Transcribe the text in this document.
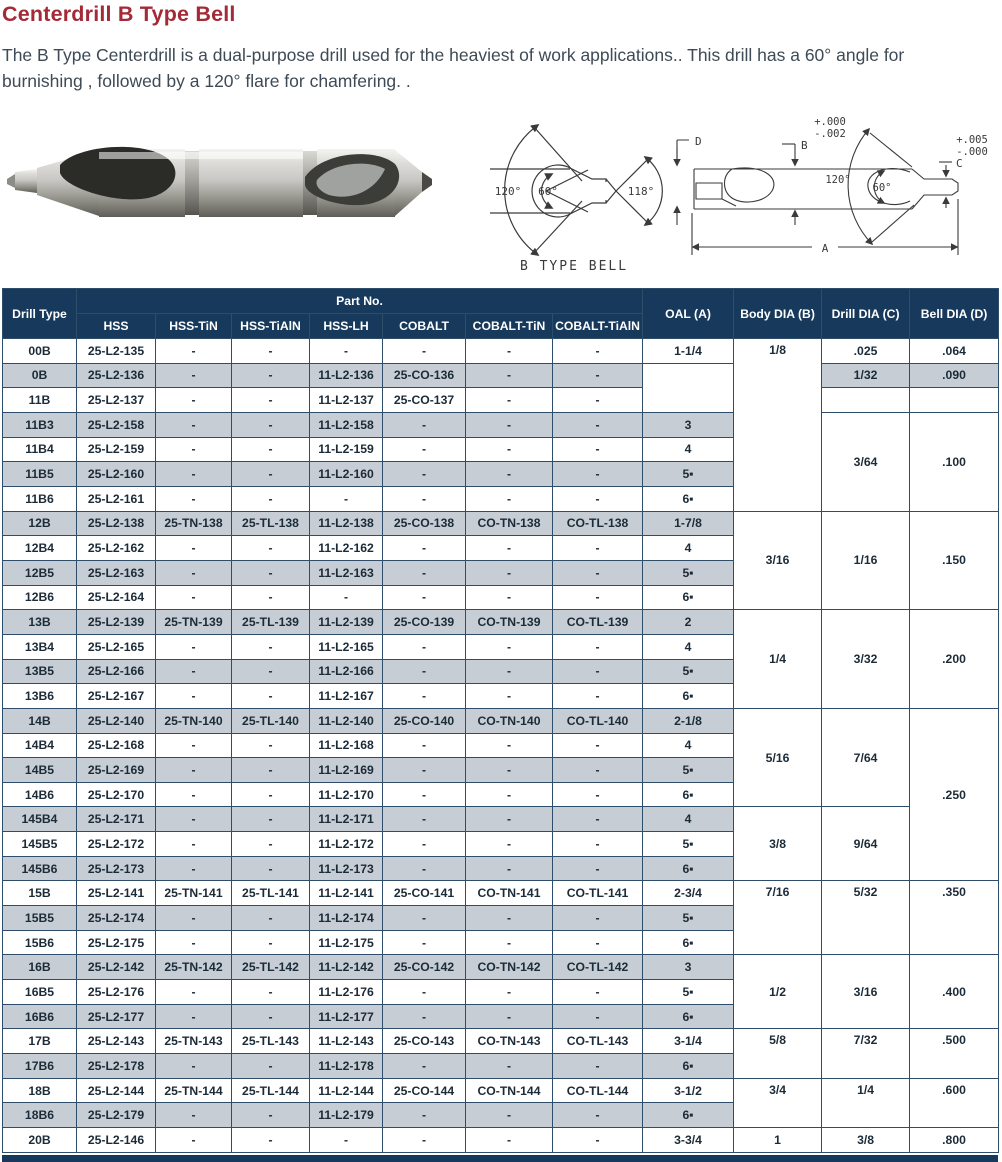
Centerdrill B Type Bell
The B Type Centerdrill is a dual-purpose drill used for the heaviest of work applications.. This drill has a 60° angle for
burnishing , followed by a 120° flare for chamfering. .
120° 60°	118°
B TYPE BELL
D	B
C
A
+.000
-.002	+.005
-.000
120°
60°
Drill Type	Part No.							OAL (A)	Body DIA (B)	Drill DIA (C)	Bell DIA (D)
	HSS	HSS-TiN	HSS-TiAlN	HSS-LH	COBALT	COBALT-TiN	COBALT-TiAlN				
00B	25-L2-135	-	-	-	-	-	-	1-1/4	1/8	.025	.064
0B	25-L2-136	-	-	11-L2-136	25-CO-136	-	-			1/32	.090
11B	25-L2-137	-	-	11-L2-137	25-CO-137	-	-				
11B3	25-L2-158	-	-	11-L2-158	-	-	-	3		3/64	.100
11B4	25-L2-159	-	-	11-L2-159	-	-	-	4			
11B5	25-L2-160	-	-	11-L2-160	-	-	-	5▪			
11B6	25-L2-161	-	-	-	-	-	-	6▪			
12B	25-L2-138	25-TN-138	25-TL-138	11-L2-138	25-CO-138	CO-TN-138	CO-TL-138	1-7/8	3/16	1/16	.150
12B4	25-L2-162	-	-	11-L2-162	-	-	-	4			
12B5	25-L2-163	-	-	11-L2-163	-	-	-	5▪			
12B6	25-L2-164	-	-	-	-	-	-	6▪			
13B	25-L2-139	25-TN-139	25-TL-139	11-L2-139	25-CO-139	CO-TN-139	CO-TL-139	2	1/4	3/32	.200
13B4	25-L2-165	-	-	11-L2-165	-	-	-	4			
13B5	25-L2-166	-	-	11-L2-166	-	-	-	5▪			
13B6	25-L2-167	-	-	11-L2-167	-	-	-	6▪			
14B	25-L2-140	25-TN-140	25-TL-140	11-L2-140	25-CO-140	CO-TN-140	CO-TL-140	2-1/8	5/16	7/64	.250
14B4	25-L2-168	-	-	11-L2-168	-	-	-	4			
14B5	25-L2-169	-	-	11-L2-169	-	-	-	5▪			
14B6	25-L2-170	-	-	11-L2-170	-	-	-	6▪			
145B4	25-L2-171	-	-	11-L2-171	-	-	-	4	3/8	9/64	
145B5	25-L2-172	-	-	11-L2-172	-	-	-	5▪			
145B6	25-L2-173	-	-	11-L2-173	-	-	-	6▪			
15B	25-L2-141	25-TN-141	25-TL-141	11-L2-141	25-CO-141	CO-TN-141	CO-TL-141	2-3/4	7/16	5/32	.350
15B5	25-L2-174	-	-	11-L2-174	-	-	-	5▪			
15B6	25-L2-175	-	-	11-L2-175	-	-	-	6▪			
16B	25-L2-142	25-TN-142	25-TL-142	11-L2-142	25-CO-142	CO-TN-142	CO-TL-142	3	1/2	3/16	.400
16B5	25-L2-176	-	-	11-L2-176	-	-	-	5▪			
16B6	25-L2-177	-	-	11-L2-177	-	-	-	6▪			
17B	25-L2-143	25-TN-143	25-TL-143	11-L2-143	25-CO-143	CO-TN-143	CO-TL-143	3-1/4	5/8	7/32	.500
17B6	25-L2-178	-	-	11-L2-178	-	-	-	6▪			
18B	25-L2-144	25-TN-144	25-TL-144	11-L2-144	25-CO-144	CO-TN-144	CO-TL-144	3-1/2	3/4	1/4	.600
18B6	25-L2-179	-	-	11-L2-179	-	-	-	6▪			
20B	25-L2-146	-	-	-	-	-	-	3-3/4	1	3/8	.800
